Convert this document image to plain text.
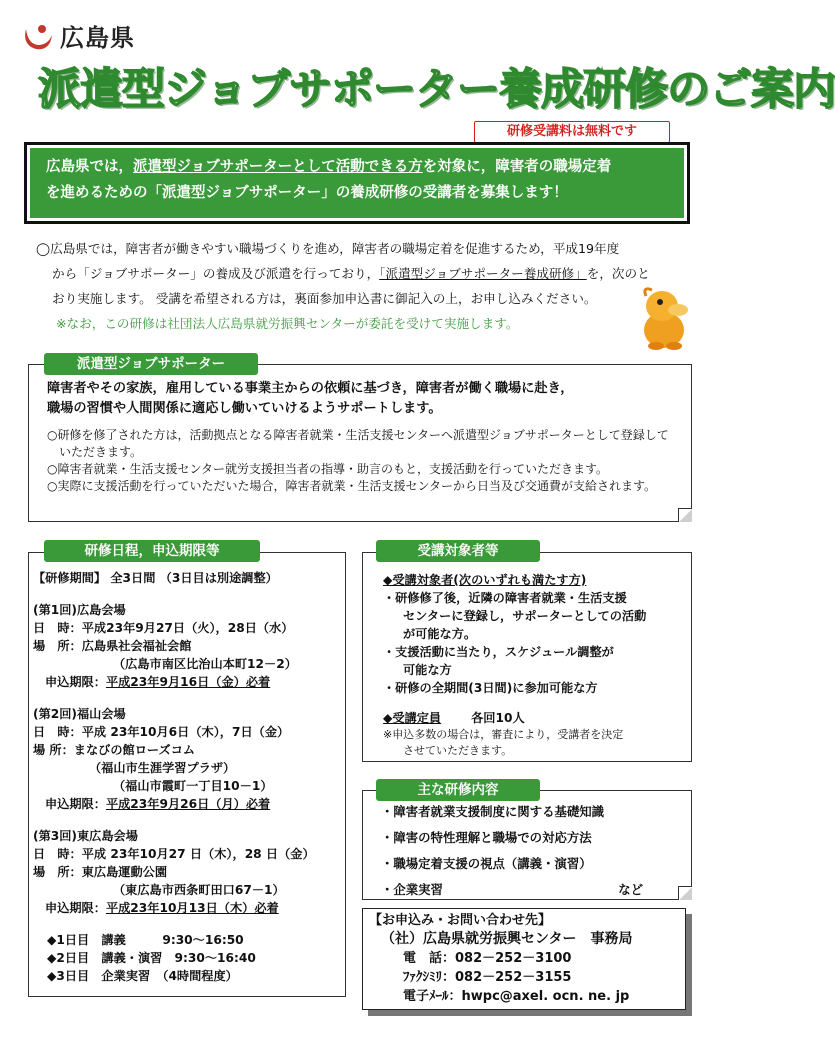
広島県
派遣型ジョブサポーター養成研修のご案内
研修受講料は無料です
広島県では，派遣型ジョブサポーターとして活動できる方を対象に，障害者の職場定着
を進めるための「派遣型ジョブサポーター」の養成研修の受講者を募集します！
◯広島県では，障害者が働きやすい職場づくりを進め，障害者の職場定着を促進するため，平成19年度
から「ジョブサポーター」の養成及び派遣を行っており，「派遣型ジョブサポーター養成研修」を，次のと
おり実施します。 受講を希望される方は，裏面参加申込書に御記入の上，お申し込みください。
※なお，この研修は社団法人広島県就労振興センターが委託を受けて実施します。
障害者やその家族，雇用している事業主からの依頼に基づき，障害者が働く職場に赴き，
職場の習慣や人間関係に適応し働いていけるようサポートします。
○研修を修了された方は，活動拠点となる障害者就業・生活支援センターへ派遣型ジョブサポーターとして登録していただきます。
○障害者就業・生活支援センター就労支援担当者の指導・助言のもと，支援活動を行っていただきます。
○実際に支援活動を行っていただいた場合，障害者就業・生活支援センターから日当及び交通費が支給されます。
派遣型ジョブサポーター
【研修期間】 全3日間 （3日目は別途調整）
(第1回)広島会場
日　時：平成23年9月27日（火），28日（水）
場　所：広島県社会福祉会館
（広島市南区比治山本町12－2）
申込期限：平成23年9月16日（金）必着
(第2回)福山会場
日　時：平成 23年10月6日（木），7日（金）
場 所：まなびの館ローズコム
（福山市生涯学習プラザ）
（福山市霞町一丁目10－1）
申込期限：平成23年9月26日（月）必着
(第3回)東広島会場
日　時：平成 23年10月27 日（木），28 日（金）
場　所：東広島運動公園
（東広島市西条町田口67－1）
申込期限：平成23年10月13日（木）必着
◆1日目　講義　　　9:30～16:50
◆2日目　講義・演習　9:30～16:40
◆3日目　企業実習　（4時間程度）
研修日程，申込期限等
◆受講対象者(次のいずれも満たす方)
・研修修了後，近隣の障害者就業・生活支援
センターに登録し，サポーターとしての活動
が可能な方。
・支援活動に当たり，スケジュール調整が
可能な方
・研修の全期間(3日間)に参加可能な方
◆受講定員 各回10人
※申込多数の場合は，審査により，受講者を決定
させていただきます。
受講対象者等
・障害者就業支援制度に関する基礎知識
・障害の特性理解と職場での対応方法
・職場定着支援の視点（講義・演習）
・企業実習	など
主な研修内容
【お申込み・お問い合わせ先】
（社）広島県就労振興センター　事務局
電　話：082－252－3100
ﾌｧｸｼﾐﾘ：082－252－3155
電子ﾒｰﾙ：hwpc@axel. ocn. ne. jp
